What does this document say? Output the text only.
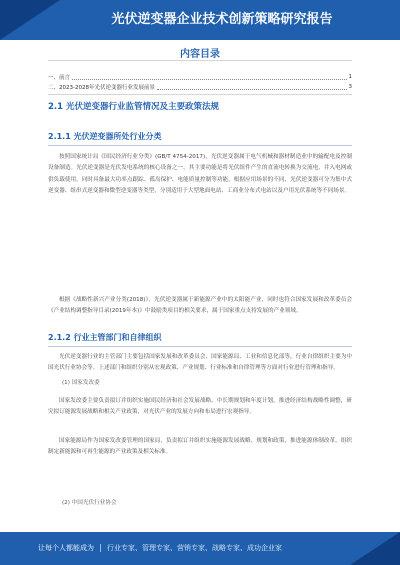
光伏逆变器企业技术创新策略研究报告
内容目录
一、前言	1
二、2023-2028年光伏逆变器行业发展前景	3
2.1 光伏逆变器行业监管情况及主要政策法规
2.1.1 光伏逆变器所处行业分类
按照国家统计局《国民经济行业分类》(GB/T 4754-2017)，光伏逆变器属于电气机械和器材制造业中的输配电及控制设备制造。光伏逆变器是光伏发电系统的核心设备之一，其主要功能是将光伏组件产生的直流电转换为交流电，并入电网或供负载使用，同时具备最大功率点跟踪、孤岛保护、电能质量控制等功能。根据应用场景的不同，光伏逆变器可分为集中式逆变器、组串式逆变器和微型逆变器等类型，分别适用于大型地面电站、工商业分布式电站以及户用光伏系统等不同场景。
根据《战略性新兴产业分类(2018)》，光伏逆变器属于新能源产业中的太阳能产业，同时也符合国家发展和改革委员会《产业结构调整指导目录(2019年本)》中鼓励类项目的相关要求，属于国家重点支持发展的产业领域。
2.1.2 行业主管部门和自律组织
光伏逆变器行业的主管部门主要包括国家发展和改革委员会、国家能源局、工业和信息化部等，行业自律组织主要为中国光伏行业协会等。上述部门和组织分别从宏观政策、产业规划、行业标准和自律管理等方面对行业进行管理和指导。
(1) 国家发改委
国家发改委主要负责拟订并组织实施国民经济和社会发展战略、中长期规划和年度计划，推进经济结构战略性调整，研究拟订能源发展战略和相关产业政策，对光伏产业的发展方向和布局进行宏观指导。
国家能源局作为国家发改委管理的国家局，负责拟订并组织实施能源发展战略、规划和政策，推进能源体制改革，组织制定新能源和可再生能源的产业政策及相关标准。
(2) 中国光伏行业协会
让每个人都能成为 行业专家、管理专家、营销专家、战略专家、成功企业家
